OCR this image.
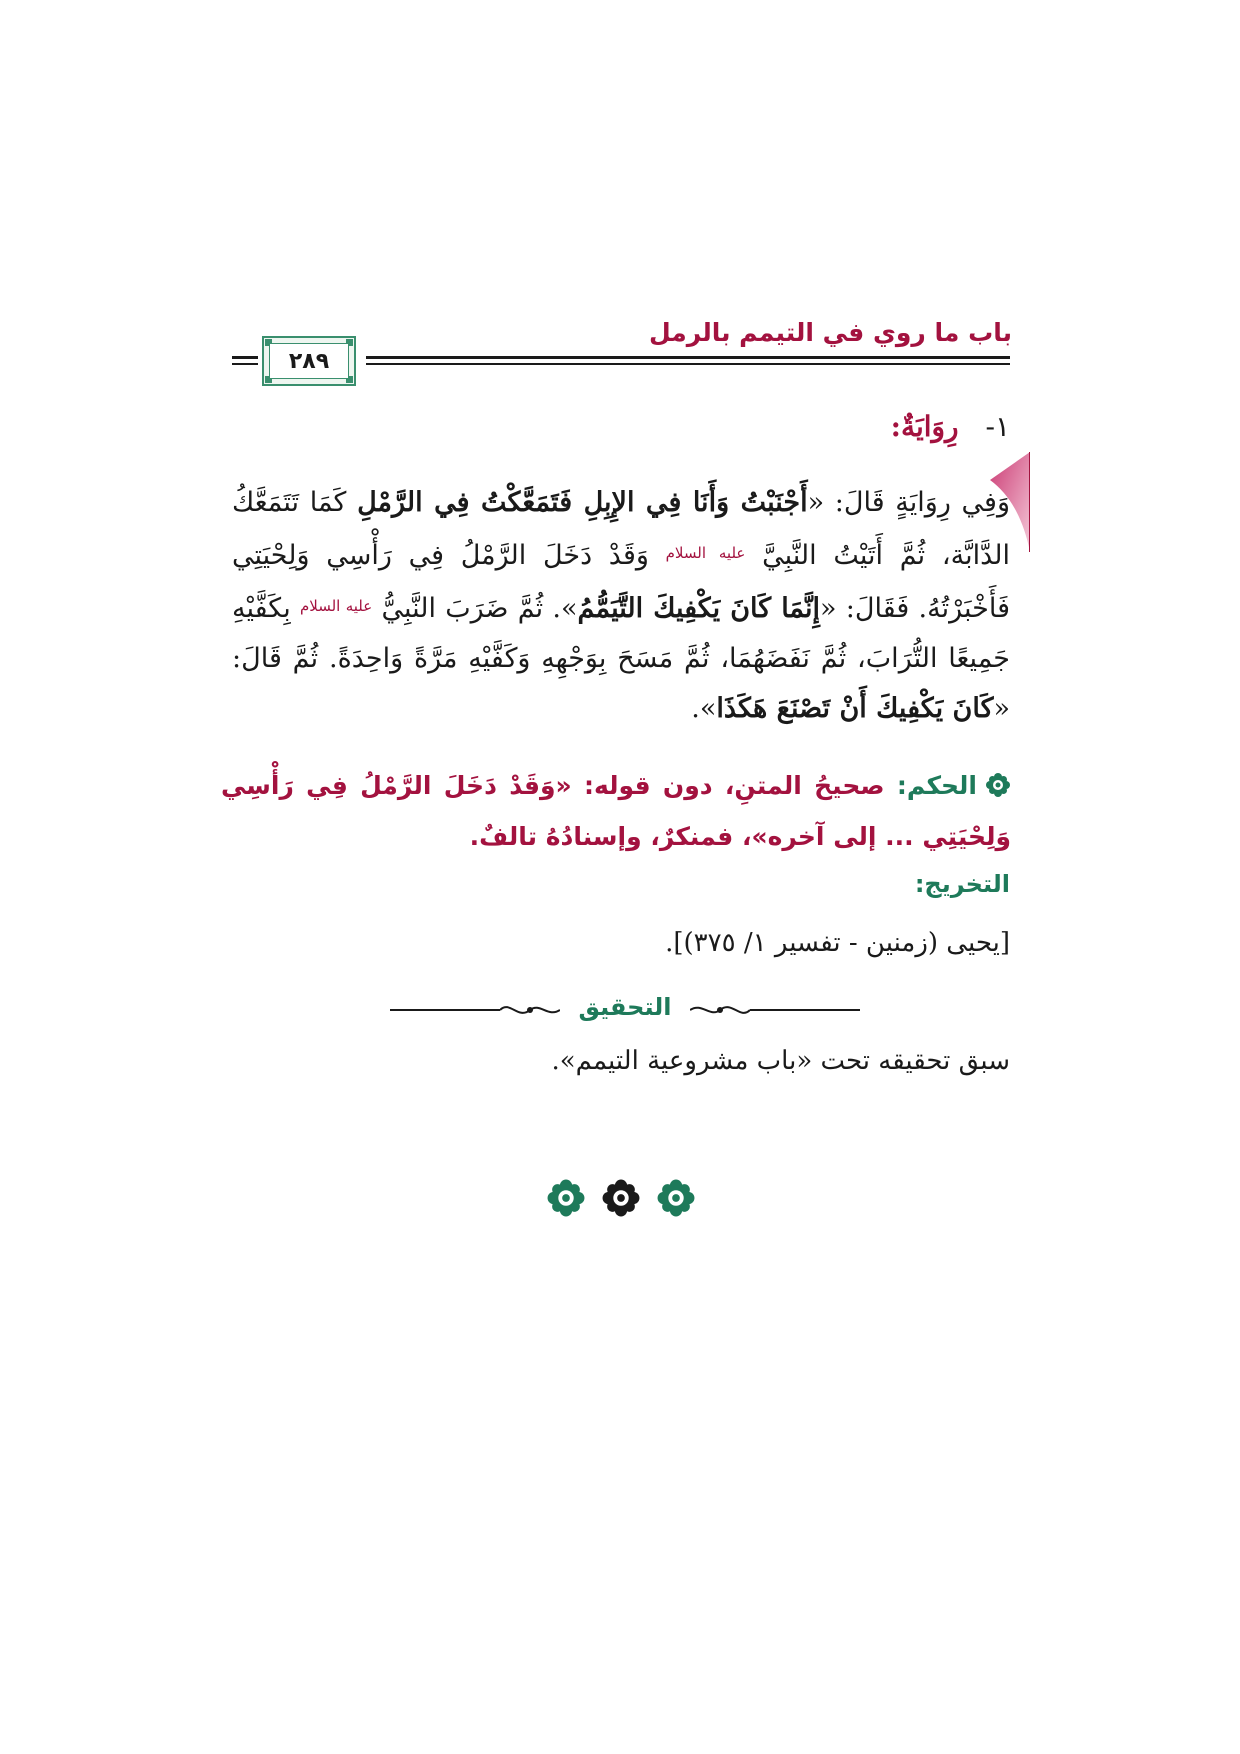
باب ما روي في التيمم بالرمل
٢٨٩
١- رِوَايَةٌ:
وَفِي رِوَايَةٍ قَالَ: «أَجْنَبْتُ وَأَنَا فِي الإِبِلِ فَتَمَعَّكْتُ فِي الرَّمْلِ كَمَا تَتَمَعَّكُ الدَّابَّة، ثُمَّ أَتَيْتُ النَّبِيَّ $^{عليه السلام}$ وَقَدْ دَخَلَ الرَّمْلُ فِي رَأْسِي وَلِحْيَتِي فَأَخْبَرْتُهُ. فَقَالَ: «إِنَّمَا كَانَ يَكْفِيكَ التَّيَمُّمُ». ثُمَّ ضَرَبَ النَّبِيُّ $^{عليه السلام}$ بِكَفَّيْهِ جَمِيعًا التُّرَابَ، ثُمَّ نَفَضَهُمَا، ثُمَّ مَسَحَ بِوَجْهِهِ وَكَفَّيْهِ مَرَّةً وَاحِدَةً. ثُمَّ قَالَ: «كَانَ يَكْفِيكَ أَنْ تَصْنَعَ هَكَذَا».
الحكم: صحيحُ المتنِ، دون قوله: «وَقَدْ دَخَلَ الرَّمْلُ فِي رَأْسِي وَلِحْيَتِي ... إلى آخره»، فمنكرٌ، وإسنادُهُ تالفٌ.
التخريج:
[يحيى (زمنين - تفسير ١/ ٣٧٥)].
التحقيق
سبق تحقيقه تحت «باب مشروعية التيمم».
